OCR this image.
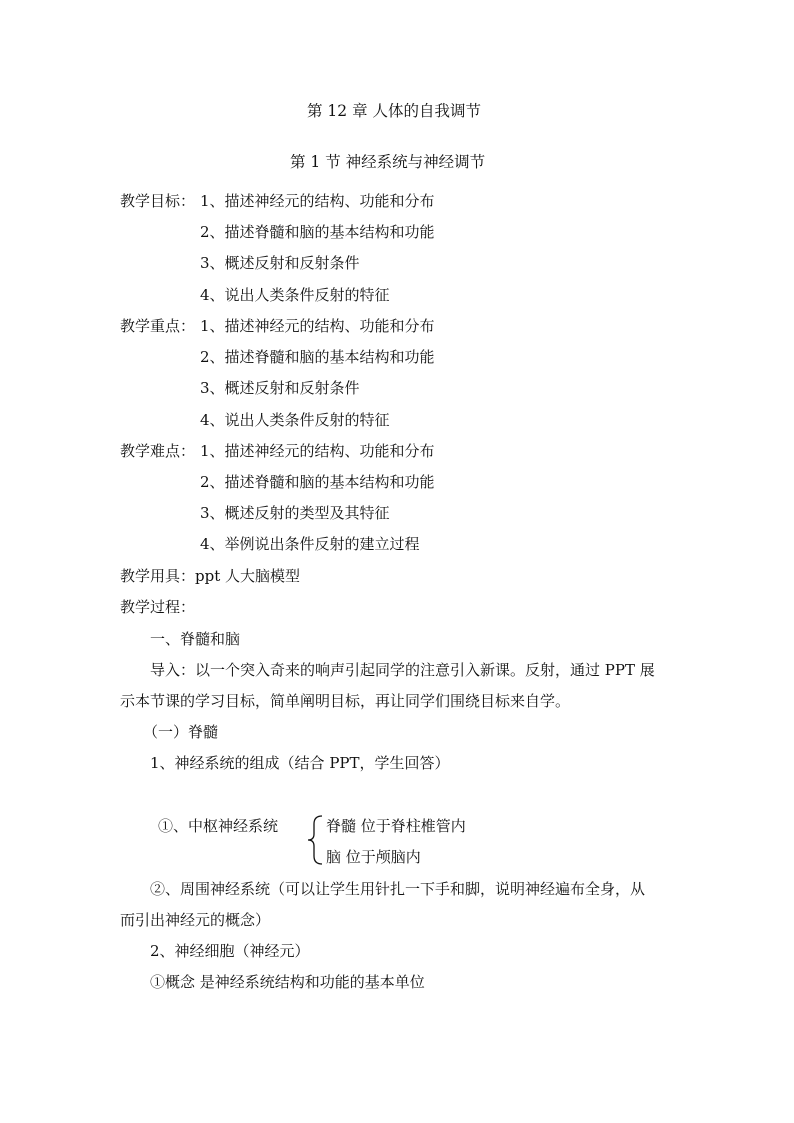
第 12 章 人体的自我调节
第 1 节 神经系统与神经调节
教学目标： 1、描述神经元的结构、功能和分布
2、描述脊髓和脑的基本结构和功能
3、概述反射和反射条件
4、说出人类条件反射的特征
教学重点： 1、描述神经元的结构、功能和分布
2、描述脊髓和脑的基本结构和功能
3、概述反射和反射条件
4、说出人类条件反射的特征
教学难点： 1、描述神经元的结构、功能和分布
2、描述脊髓和脑的基本结构和功能
3、概述反射的类型及其特征
4、举例说出条件反射的建立过程
教学用具：ppt 人大脑模型
教学过程：
一、脊髓和脑
导入：以一个突入奇来的响声引起同学的注意引入新课。反射，通过 PPT 展
示本节课的学习目标，简单阐明目标，再让同学们围绕目标来自学。
（一）脊髓
1、神经系统的组成（结合 PPT，学生回答）
①、中枢神经系统	脊髓 位于脊柱椎管内
脑 位于颅脑内
②、周围神经系统（可以让学生用针扎一下手和脚，说明神经遍布全身，从
而引出神经元的概念）
2、神经细胞（神经元）
①概念 是神经系统结构和功能的基本单位
